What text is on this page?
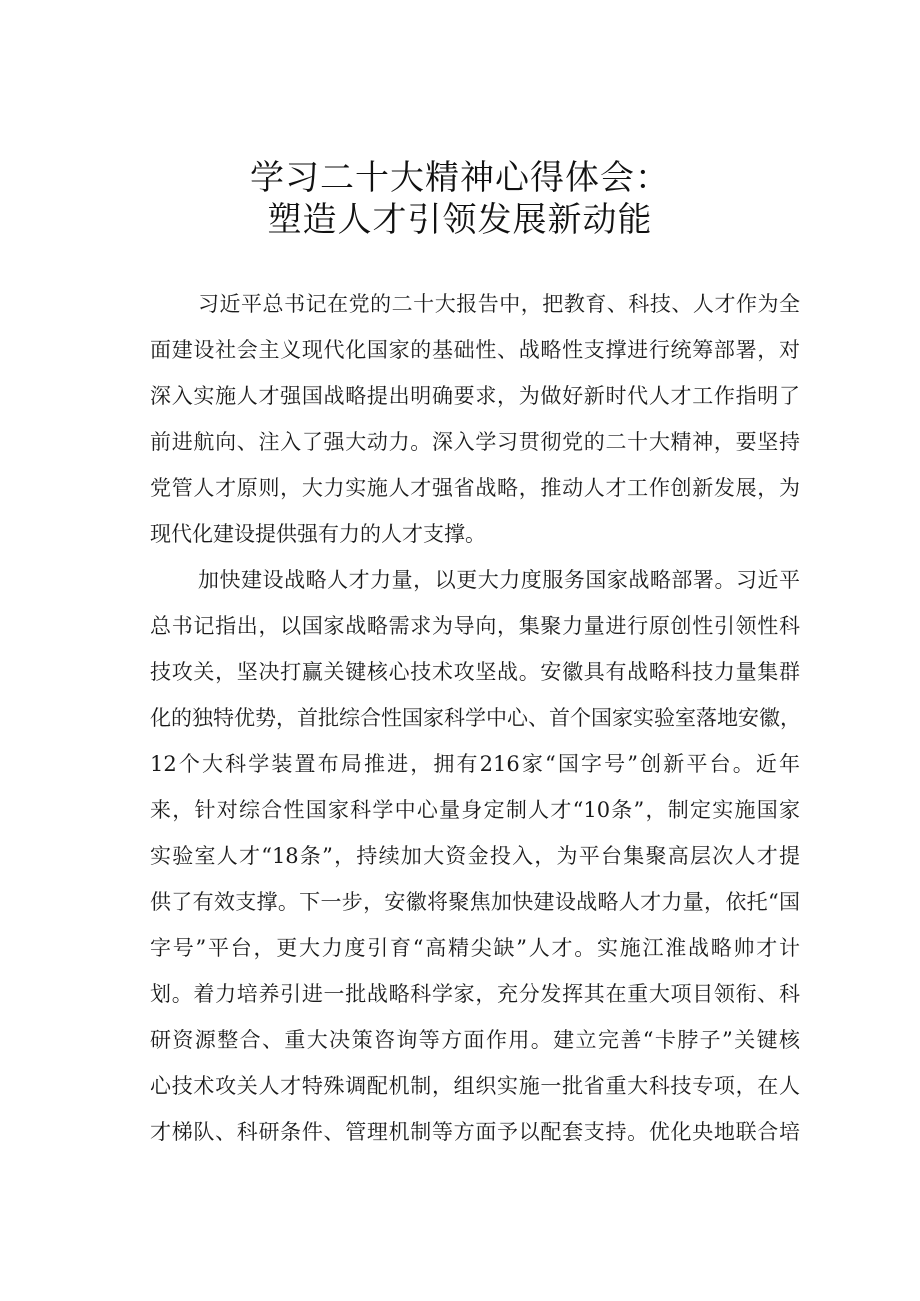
学习二十大精神心得体会：
塑造人才引领发展新动能
习近平总书记在党的二十大报告中，把教育、科技、人才作为全
面建设社会主义现代化国家的基础性、战略性支撑进行统筹部署，对
深入实施人才强国战略提出明确要求，为做好新时代人才工作指明了
前进航向、注入了强大动力。深入学习贯彻党的二十大精神，要坚持
党管人才原则，大力实施人才强省战略，推动人才工作创新发展，为
现代化建设提供强有力的人才支撑。
加快建设战略人才力量，以更大力度服务国家战略部署。习近平
总书记指出，以国家战略需求为导向，集聚力量进行原创性引领性科
技攻关，坚决打赢关键核心技术攻坚战。安徽具有战略科技力量集群
化的独特优势，首批综合性国家科学中心、首个国家实验室落地安徽，
12个大科学装置布局推进，拥有216家“国字号”创新平台。近年
来，针对综合性国家科学中心量身定制人才“10条”，制定实施国家
实验室人才“18条”，持续加大资金投入，为平台集聚高层次人才提
供了有效支撑。下一步，安徽将聚焦加快建设战略人才力量，依托“国
字号”平台，更大力度引育“高精尖缺”人才。实施江淮战略帅才计
划。着力培养引进一批战略科学家，充分发挥其在重大项目领衔、科
研资源整合、重大决策咨询等方面作用。建立完善“卡脖子”关键核
心技术攻关人才特殊调配机制，组织实施一批省重大科技专项，在人
才梯队、科研条件、管理机制等方面予以配套支持。优化央地联合培
